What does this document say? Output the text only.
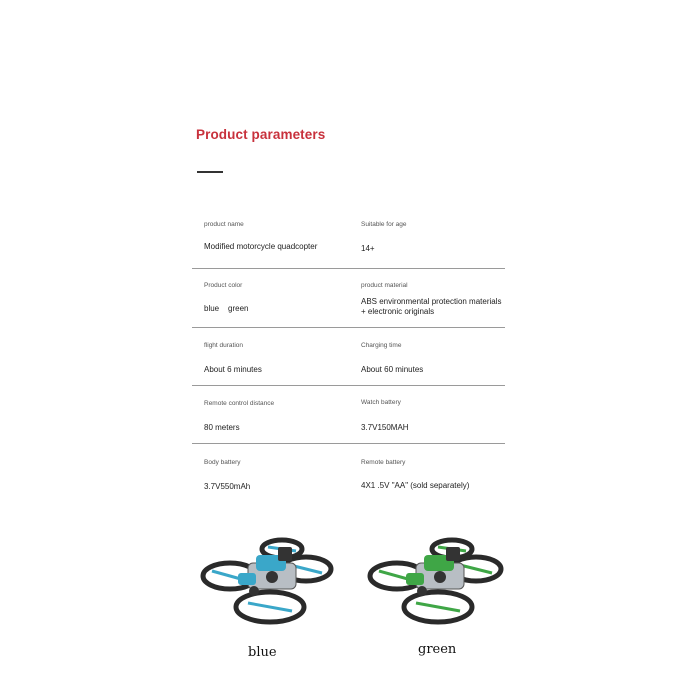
Product parameters
product name
Modified motorcycle quadcopter
Suitable for age
14+
Product color
blue    green
product material
ABS environmental protection materials
+ electronic originals
flight duration
About 6 minutes
Charging time
About 60 minutes
Remote control distance
80 meters
Watch battery
3.7V150MAH
Body battery
3.7V550mAh
Remote battery
4X1 .5V "AA" (sold separately)
blue	green
